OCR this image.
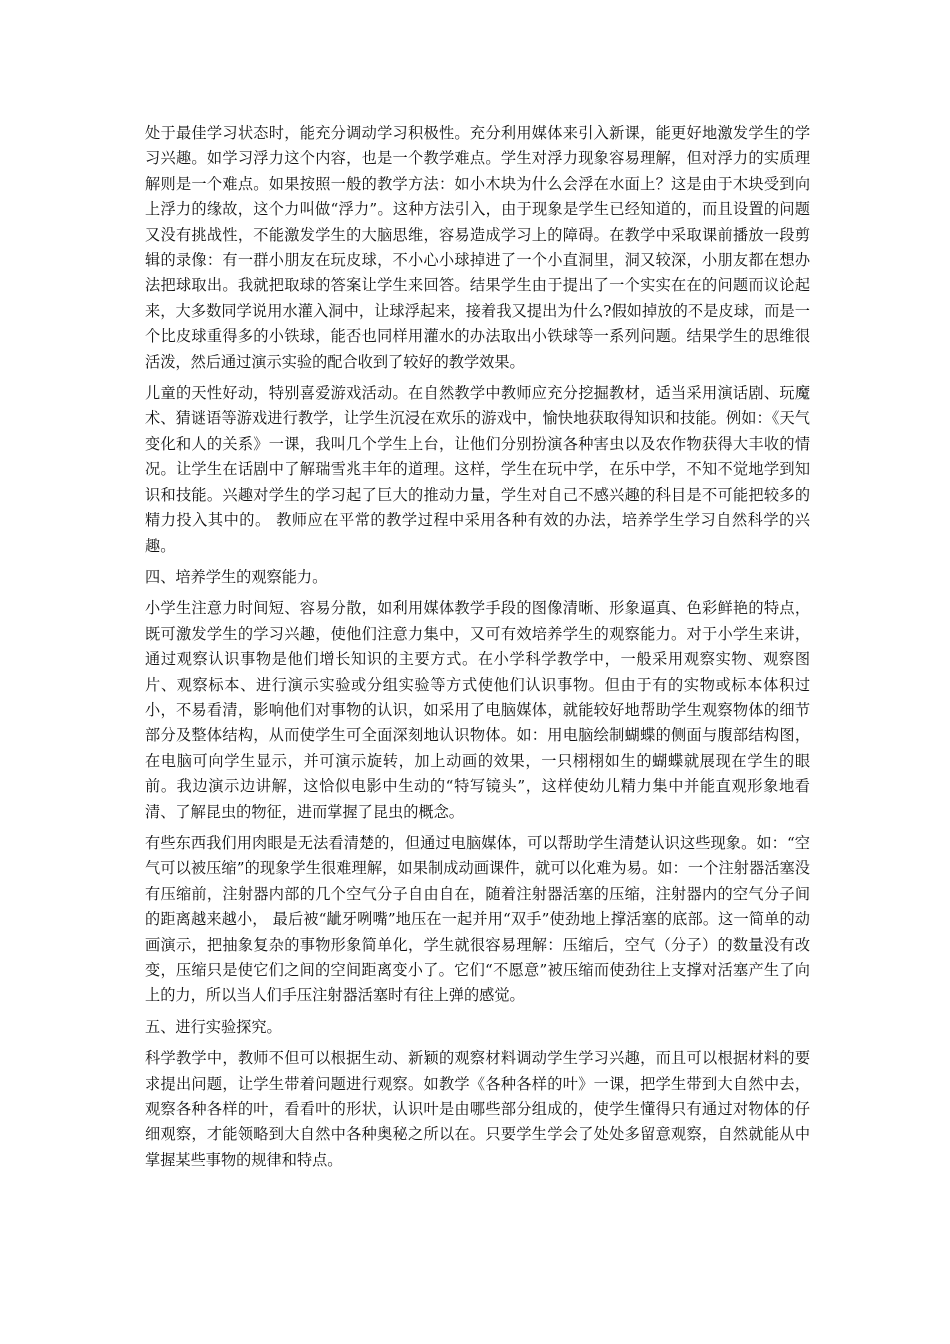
处于最佳学习状态时，能充分调动学习积极性。充分利用媒体来引入新课，能更好地激发学生的学习兴趣。如学习浮力这个内容，也是一个教学难点。学生对浮力现象容易理解，但对浮力的实质理解则是一个难点。如果按照一般的教学方法：如小木块为什么会浮在水面上？这是由于木块受到向上浮力的缘故，这个力叫做“浮力”。这种方法引入，由于现象是学生已经知道的，而且设置的问题又没有挑战性，不能激发学生的大脑思维，容易造成学习上的障碍。在教学中采取课前播放一段剪辑的录像：有一群小朋友在玩皮球，不小心小球掉进了一个小直洞里，洞又较深，小朋友都在想办法把球取出。我就把取球的答案让学生来回答。结果学生由于提出了一个实实在在的问题而议论起来，大多数同学说用水灌入洞中，让球浮起来，接着我又提出为什么?假如掉放的不是皮球，而是一个比皮球重得多的小铁球，能否也同样用灌水的办法取出小铁球等一系列问题。结果学生的思维很活泼，然后通过演示实验的配合收到了较好的教学效果。

儿童的天性好动，特别喜爱游戏活动。在自然教学中教师应充分挖掘教材，适当采用演话剧、玩魔术、猜谜语等游戏进行教学，让学生沉浸在欢乐的游戏中，愉快地获取得知识和技能。例如：《天气变化和人的关系》一课，我叫几个学生上台，让他们分别扮演各种害虫以及农作物获得大丰收的情况。让学生在话剧中了解瑞雪兆丰年的道理。这样，学生在玩中学，在乐中学，不知不觉地学到知识和技能。兴趣对学生的学习起了巨大的推动力量，学生对自己不感兴趣的科目是不可能把较多的精力投入其中的。 教师应在平常的教学过程中采用各种有效的办法，培养学生学习自然科学的兴趣。

四、培养学生的观察能力。

小学生注意力时间短、容易分散，如利用媒体教学手段的图像清晰、形象逼真、色彩鲜艳的特点，既可激发学生的学习兴趣，使他们注意力集中，又可有效培养学生的观察能力。对于小学生来讲，通过观察认识事物是他们增长知识的主要方式。在小学科学教学中，一般采用观察实物、观察图片、观察标本、进行演示实验或分组实验等方式使他们认识事物。但由于有的实物或标本体积过小，不易看清，影响他们对事物的认识，如采用了电脑媒体，就能较好地帮助学生观察物体的细节部分及整体结构，从而使学生可全面深刻地认识物体。如：用电脑绘制蝴蝶的侧面与腹部结构图，在电脑可向学生显示，并可演示旋转，加上动画的效果，一只栩栩如生的蝴蝶就展现在学生的眼前。我边演示边讲解，这恰似电影中生动的“特写镜头”，这样使幼儿精力集中并能直观形象地看清、了解昆虫的物征，进而掌握了昆虫的概念。

有些东西我们用肉眼是无法看清楚的，但通过电脑媒体，可以帮助学生清楚认识这些现象。如：“空气可以被压缩”的现象学生很难理解，如果制成动画课件，就可以化难为易。如：一个注射器活塞没有压缩前，注射器内部的几个空气分子自由自在，随着注射器活塞的压缩，注射器内的空气分子间的距离越来越小， 最后被“龇牙咧嘴”地压在一起并用“双手”使劲地上撑活塞的底部。这一简单的动画演示，把抽象复杂的事物形象简单化，学生就很容易理解：压缩后，空气（分子）的数量没有改变，压缩只是使它们之间的空间距离变小了。它们“不愿意”被压缩而使劲往上支撑对活塞产生了向上的力，所以当人们手压注射器活塞时有往上弹的感觉。

五、进行实验探究。

科学教学中，教师不但可以根据生动、新颖的观察材料调动学生学习兴趣，而且可以根据材料的要求提出问题，让学生带着问题进行观察。如教学《各种各样的叶》一课，把学生带到大自然中去，观察各种各样的叶，看看叶的形状，认识叶是由哪些部分组成的，使学生懂得只有通过对物体的仔细观察，才能领略到大自然中各种奥秘之所以在。只要学生学会了处处多留意观察，自然就能从中掌握某些事物的规律和特点。
